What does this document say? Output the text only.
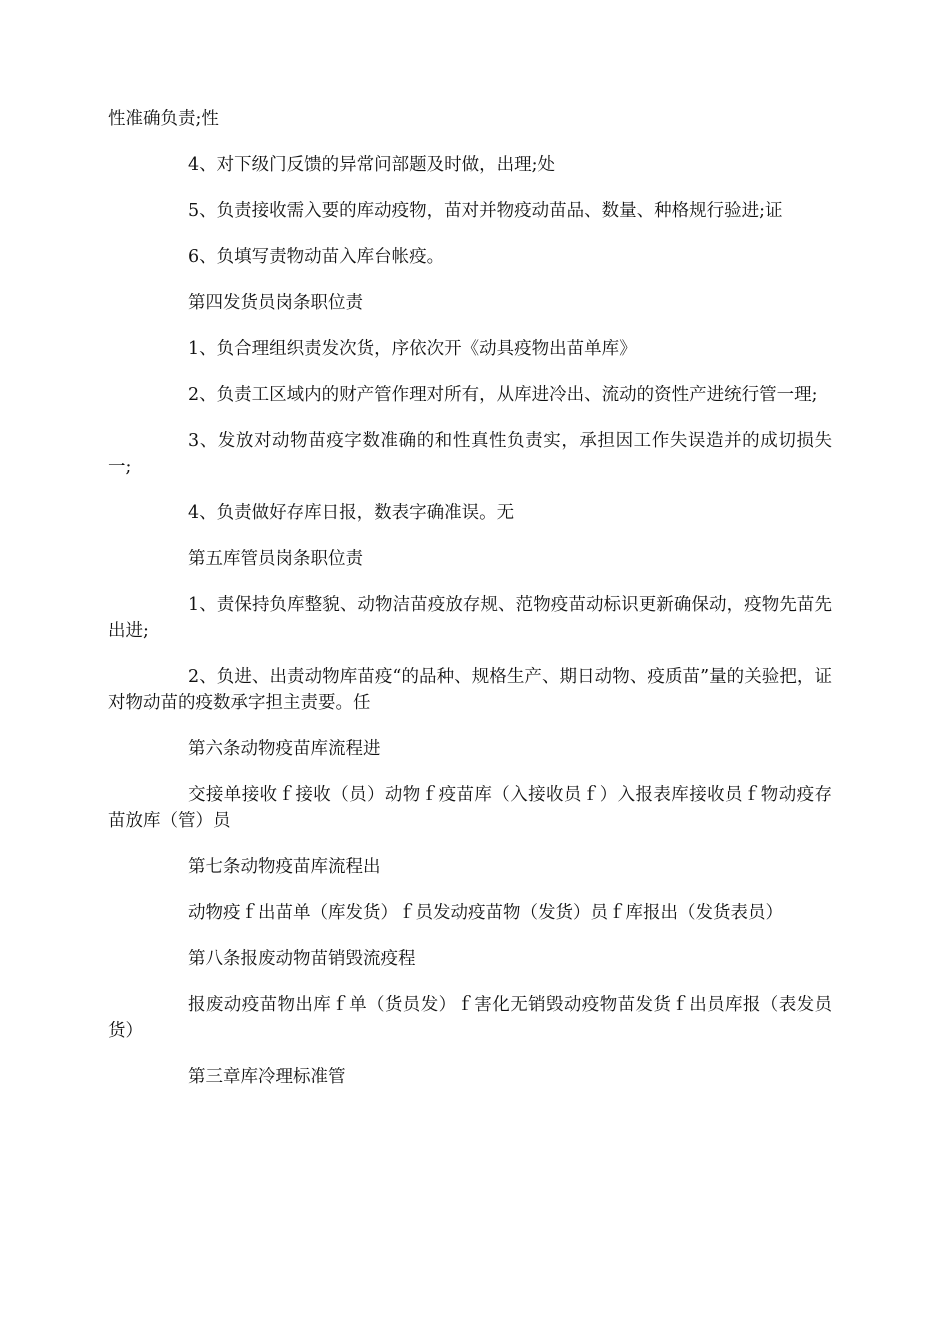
性准确负责;性

4、对下级门反馈的异常问部题及时做，出理;处

5、负责接收需入要的库动疫物，苗对并物疫动苗品、数量、种格规行验进;证

6、负填写责物动苗入库台帐疫。

第四发货员岗条职位责

1、负合理组织责发次货，序依次开《动具疫物出苗单库》

2、负责工区域内的财产管作理对所有，从库进冷出、流动的资性产进统行管一理;

3、发放对动物苗疫字数准确的和性真性负责实，承担因工作失误造并的成切损失一;

4、负责做好存库日报，数表字确准误。无

第五库管员岗条职位责

1、责保持负库整貌、动物洁苗疫放存规、范物疫苗动标识更新确保动，疫物先苗先出进;

2、负进、出责动物库苗疫“的品种、规格生产、期日动物、疫质苗”量的关验把，证对物动苗的疫数承字担主责要。任

第六条动物疫苗库流程进

交接单接收ｆ接收（员）动物ｆ疫苗库（入接收员ｆ）入报表库接收员ｆ物动疫存苗放库（管）员

第七条动物疫苗库流程出

动物疫ｆ出苗单（库发货）ｆ员发动疫苗物（发货）员ｆ库报出（发货表员）

第八条报废动物苗销毁流疫程

报废动疫苗物出库ｆ单（货员发）ｆ害化无销毁动疫物苗发货ｆ出员库报（表发员货）

第三章库冷理标准管
